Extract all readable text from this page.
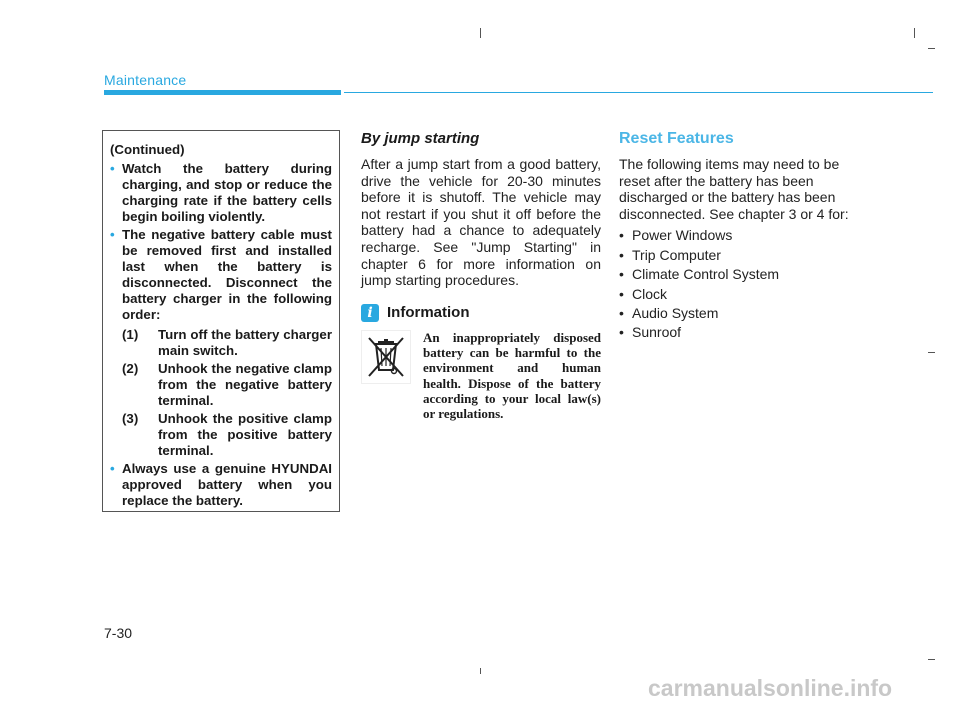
Maintenance
(Continued)
• Watch the battery during charging, and stop or reduce the charging rate if the battery cells begin boiling violently.
• The negative battery cable must be removed first and installed last when the battery is disconnected. Disconnect the battery charger in the following order:
(1)	Turn off the battery charger main switch.
(2)	Unhook the negative clamp from the negative battery terminal.
(3)	Unhook the positive clamp from the positive battery terminal.
• Always use a genuine HYUNDAI approved battery when you replace the battery.
By jump starting

After a jump start from a good battery, drive the vehicle for 20-30 minutes before it is shutoff. The vehicle may not restart if you shut it off before the battery had a chance to adequately recharge. See "Jump Starting" in chapter 6 for more information on jump starting procedures.

i Information

An inappropriately disposed battery can be harmful to the environment and human health. Dispose of the battery according to your local law(s) or regulations.

Reset Features

The following items may need to be reset after the battery has been discharged or the battery has been disconnected. See chapter 3 or 4 for:

• Power Windows
• Trip Computer
• Climate Control System
• Clock
• Audio System
• Sunroof
7-30
carmanualsonline.info
